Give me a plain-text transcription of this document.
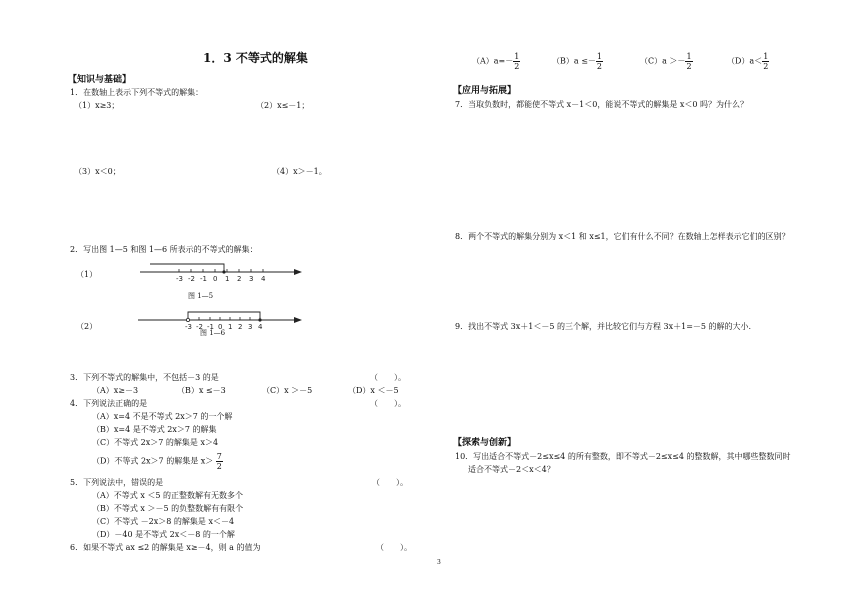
1．3 不等式的解集
【知识与基础】
1．在数轴上表示下列不等式的解集：
（1）x≥3；	（2）x≤－1；
（3）x＜0；	（4）x＞－1。
2．写出图 1—5 和图 1—6 所表示的不等式的解集：
（1）	-3 -2 -1 0 1 2 3 4
图 1—5
（2）	-3 -2 -1 0 1 2 3 4
图 1—6
3．下列不等式的解集中，不包括－3 的是	（　　）。
（A）x≥－3	（B）x ≤－3	（C）x ＞－5	（D）x ＜－5
4．下列说法正确的是	（　　）。
（A）x=4 不是不等式 2x＞7 的一个解
（B）x=4 是不等式 2x＞7 的解集
（C）不等式 2x＞7 的解集是 x＞4
（D）不等式 2x＞7 的解集是 $x> \frac{7}{2}$
5．下列说法中，错误的是	（　　）。
（A）不等式 x ＜5 的正整数解有无数多个
（B）不等式 x ＞－5 的负整数解有有限个
（C）不等式 －2x＞8 的解集是 x＜－4
（D）－40 是不等式 2x＜－8 的一个解
6．如果不等式 ax ≤2 的解集是 x≥－4，则 a 的值为	（　　）。
3
$(A)a=- \frac{1}{2}$	$(B)a \le- \frac{1}{2}$	$(C)a >- \frac{1}{2}$	$(D)a< \frac{1}{2}$
【应用与拓展】
7．当取负数时，都能使不等式 x－1＜0，能说不等式的解集是 x＜0 吗？为什么？
8．两个不等式的解集分别为 x＜1 和 x≤1，它们有什么不同？在数轴上怎样表示它们的区别？
9．找出不等式 3x＋1＜－5 的三个解，并比较它们与方程 3x＋1=－5 的解的大小.
【探索与创新】
10．写出适合不等式－2≤x≤4 的所有整数，即不等式－2≤x≤4 的整数解，其中哪些整数同时
适合不等式－2＜x＜4？
